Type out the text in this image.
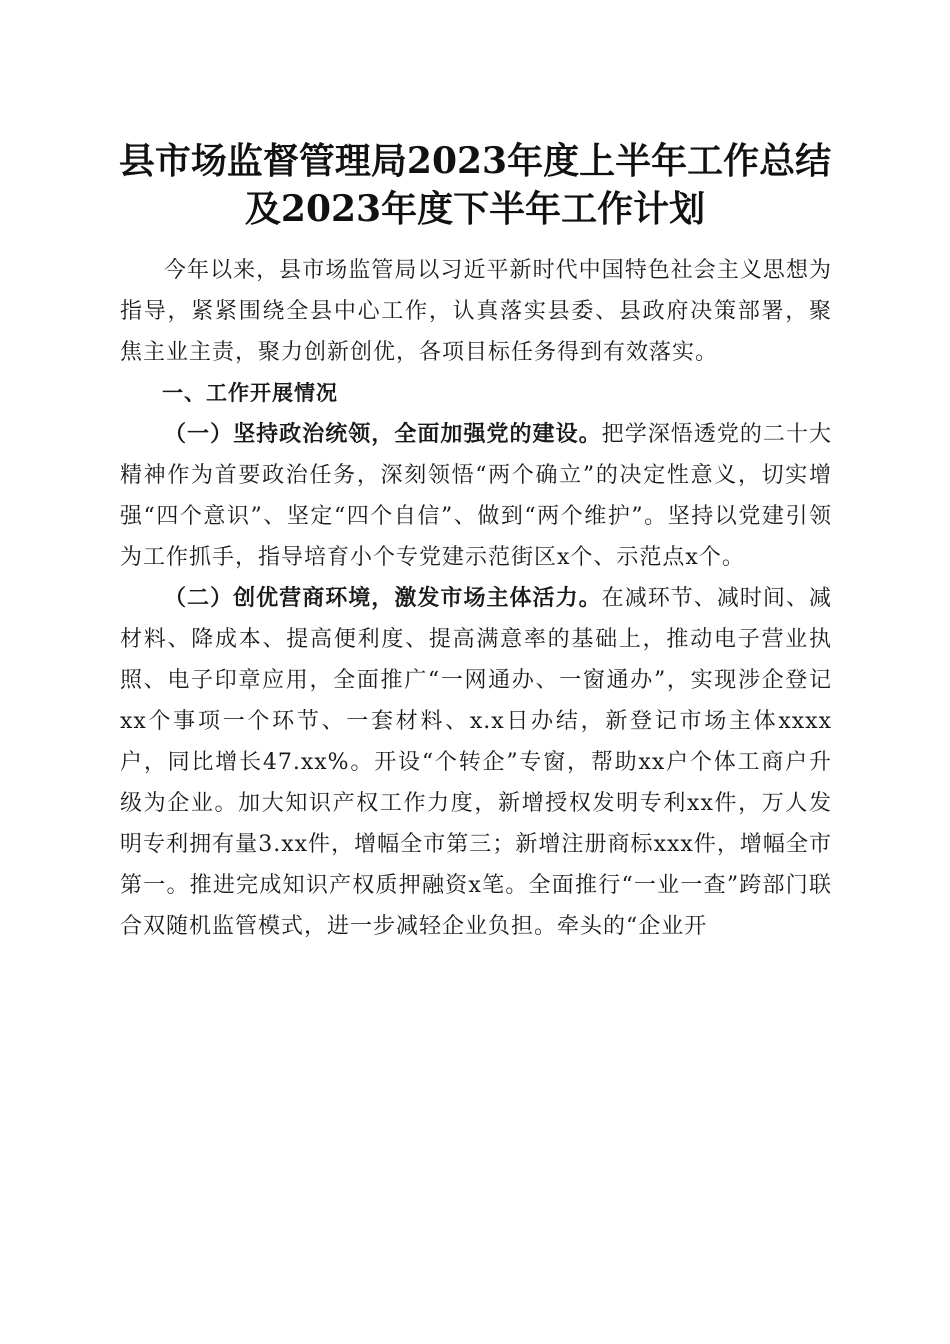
县市场监督管理局2023年度上半年工作总结
及2023年度下半年工作计划

今年以来，县市场监管局以习近平新时代中国特色社会主义思想为指导，紧紧围绕全县中心工作，认真落实县委、县政府决策部署，聚焦主业主责，聚力创新创优，各项目标任务得到有效落实。

一、工作开展情况

（一）坚持政治统领，全面加强党的建设。把学深悟透党的二十大精神作为首要政治任务，深刻领悟“两个确立”的决定性意义，切实增强“四个意识”、坚定“四个自信”、做到“两个维护”。坚持以党建引领为工作抓手，指导培育小个专党建示范街区x个、示范点x个。

（二）创优营商环境，激发市场主体活力。在减环节、减时间、减材料、降成本、提高便利度、提高满意率的基础上，推动电子营业执照、电子印章应用，全面推广“一网通办、一窗通办”，实现涉企登记xx个事项一个环节、一套材料、x.x日办结，新登记市场主体xxxx户，同比增长47.xx%。开设“个转企”专窗，帮助xx户个体工商户升级为企业。加大知识产权工作力度，新增授权发明专利xx件，万人发明专利拥有量3.xx件，增幅全市第三；新增注册商标xxx件，增幅全市第一。推进完成知识产权质押融资x笔。全面推行“一业一查”跨部门联合双随机监管模式，进一步减轻企业负担。牵头的“企业开
